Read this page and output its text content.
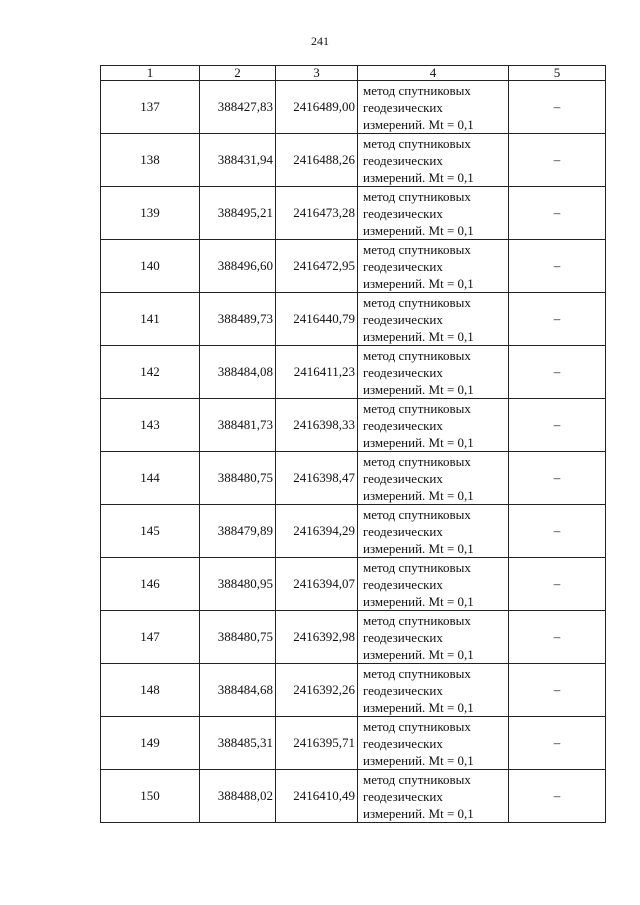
241
1	2	3	4	5
137	388427,83	2416489,00	метод спутниковых
геодезических
измерений. Mt = 0,1	–
138	388431,94	2416488,26	метод спутниковых
геодезических
измерений. Mt = 0,1	–
139	388495,21	2416473,28	метод спутниковых
геодезических
измерений. Mt = 0,1	–
140	388496,60	2416472,95	метод спутниковых
геодезических
измерений. Mt = 0,1	–
141	388489,73	2416440,79	метод спутниковых
геодезических
измерений. Mt = 0,1	–
142	388484,08	2416411,23	метод спутниковых
геодезических
измерений. Mt = 0,1	–
143	388481,73	2416398,33	метод спутниковых
геодезических
измерений. Mt = 0,1	–
144	388480,75	2416398,47	метод спутниковых
геодезических
измерений. Mt = 0,1	–
145	388479,89	2416394,29	метод спутниковых
геодезических
измерений. Mt = 0,1	–
146	388480,95	2416394,07	метод спутниковых
геодезических
измерений. Mt = 0,1	–
147	388480,75	2416392,98	метод спутниковых
геодезических
измерений. Mt = 0,1	–
148	388484,68	2416392,26	метод спутниковых
геодезических
измерений. Mt = 0,1	–
149	388485,31	2416395,71	метод спутниковых
геодезических
измерений. Mt = 0,1	–
150	388488,02	2416410,49	метод спутниковых
геодезических
измерений. Mt = 0,1	–
